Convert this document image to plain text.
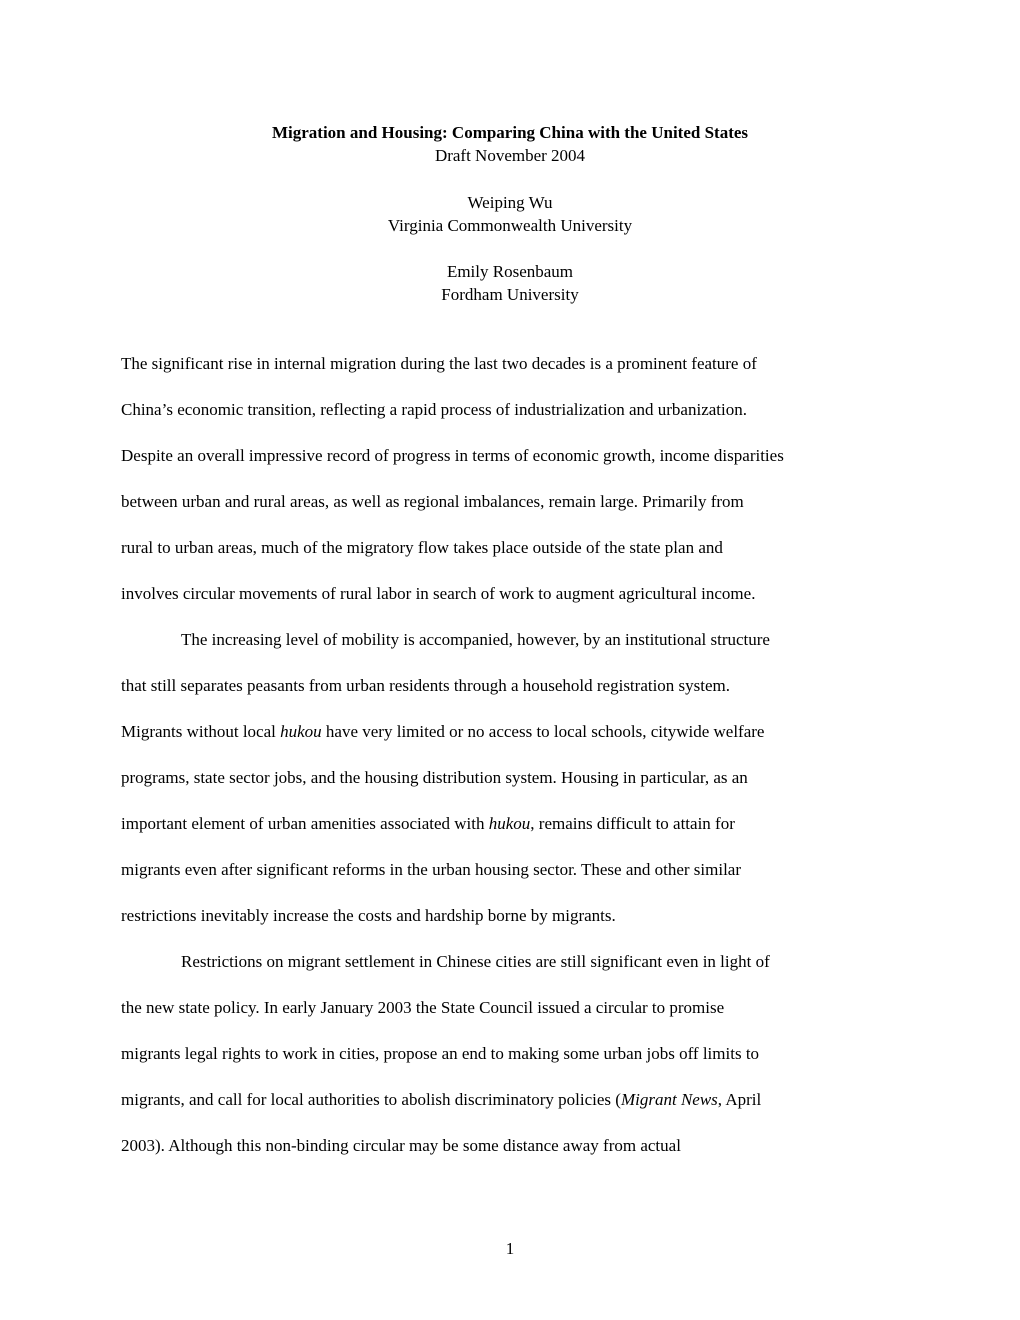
Migration and Housing: Comparing China with the United States
Draft November 2004
Weiping Wu
Virginia Commonwealth University
Emily Rosenbaum
Fordham University
The significant rise in internal migration during the last two decades is a prominent feature of
China’s economic transition, reflecting a rapid process of industrialization and urbanization.
Despite an overall impressive record of progress in terms of economic growth, income disparities
between urban and rural areas, as well as regional imbalances, remain large. Primarily from
rural to urban areas, much of the migratory flow takes place outside of the state plan and
involves circular movements of rural labor in search of work to augment agricultural income.
The increasing level of mobility is accompanied, however, by an institutional structure
that still separates peasants from urban residents through a household registration system.
Migrants without local hukou have very limited or no access to local schools, citywide welfare
programs, state sector jobs, and the housing distribution system. Housing in particular, as an
important element of urban amenities associated with hukou, remains difficult to attain for
migrants even after significant reforms in the urban housing sector. These and other similar
restrictions inevitably increase the costs and hardship borne by migrants.
Restrictions on migrant settlement in Chinese cities are still significant even in light of
the new state policy. In early January 2003 the State Council issued a circular to promise
migrants legal rights to work in cities, propose an end to making some urban jobs off limits to
migrants, and call for local authorities to abolish discriminatory policies (Migrant News, April
2003). Although this non-binding circular may be some distance away from actual
1
